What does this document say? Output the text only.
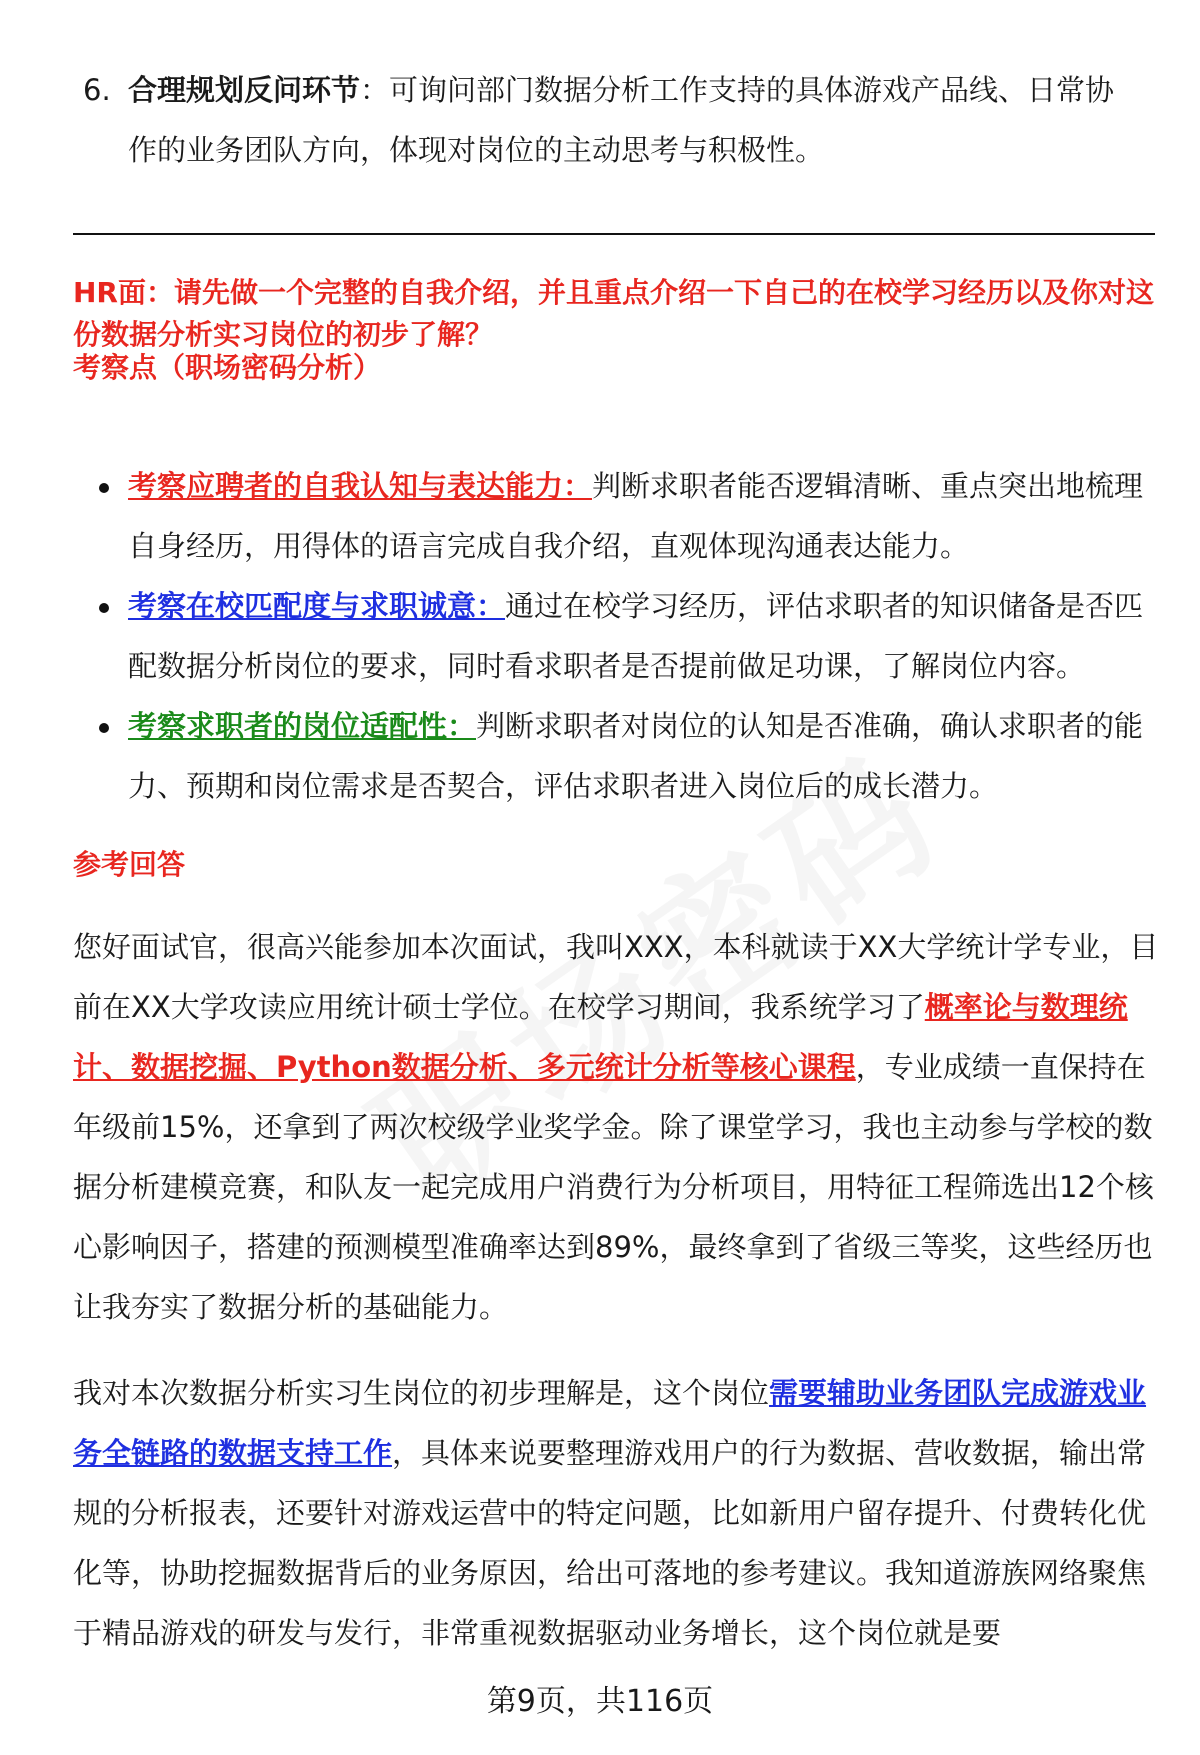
6. 合理规划反问环节：可询问部门数据分析工作支持的具体游戏产品线、日常协作的业务团队方向，体现对岗位的主动思考与积极性。
HR面：请先做一个完整的自我介绍，并且重点介绍一下自己的在校学习经历以及你对这份数据分析实习岗位的初步了解？
考察点（职场密码分析）
考察应聘者的自我认知与表达能力：判断求职者能否逻辑清晰、重点突出地梳理自身经历，用得体的语言完成自我介绍，直观体现沟通表达能力。
考察在校匹配度与求职诚意：通过在校学习经历，评估求职者的知识储备是否匹配数据分析岗位的要求，同时看求职者是否提前做足功课，了解岗位内容。
考察求职者的岗位适配性：判断求职者对岗位的认知是否准确，确认求职者的能力、预期和岗位需求是否契合，评估求职者进入岗位后的成长潜力。
参考回答
您好面试官，很高兴能参加本次面试，我叫XXX，本科就读于XX大学统计学专业，目前在XX大学攻读应用统计硕士学位。在校学习期间，我系统学习了概率论与数理统计、数据挖掘、Python数据分析、多元统计分析等核心课程，专业成绩一直保持在年级前15%，还拿到了两次校级学业奖学金。除了课堂学习，我也主动参与学校的数据分析建模竞赛，和队友一起完成用户消费行为分析项目，用特征工程筛选出12个核心影响因子，搭建的预测模型准确率达到89%，最终拿到了省级三等奖，这些经历也让我夯实了数据分析的基础能力。
我对本次数据分析实习生岗位的初步理解是，这个岗位需要辅助业务团队完成游戏业务全链路的数据支持工作，具体来说要整理游戏用户的行为数据、营收数据，输出常规的分析报表，还要针对游戏运营中的特定问题，比如新用户留存提升、付费转化优化等，协助挖掘数据背后的业务原因，给出可落地的参考建议。我知道游族网络聚焦于精品游戏的研发与发行，非常重视数据驱动业务增长，这个岗位就是要
第9页，共116页
